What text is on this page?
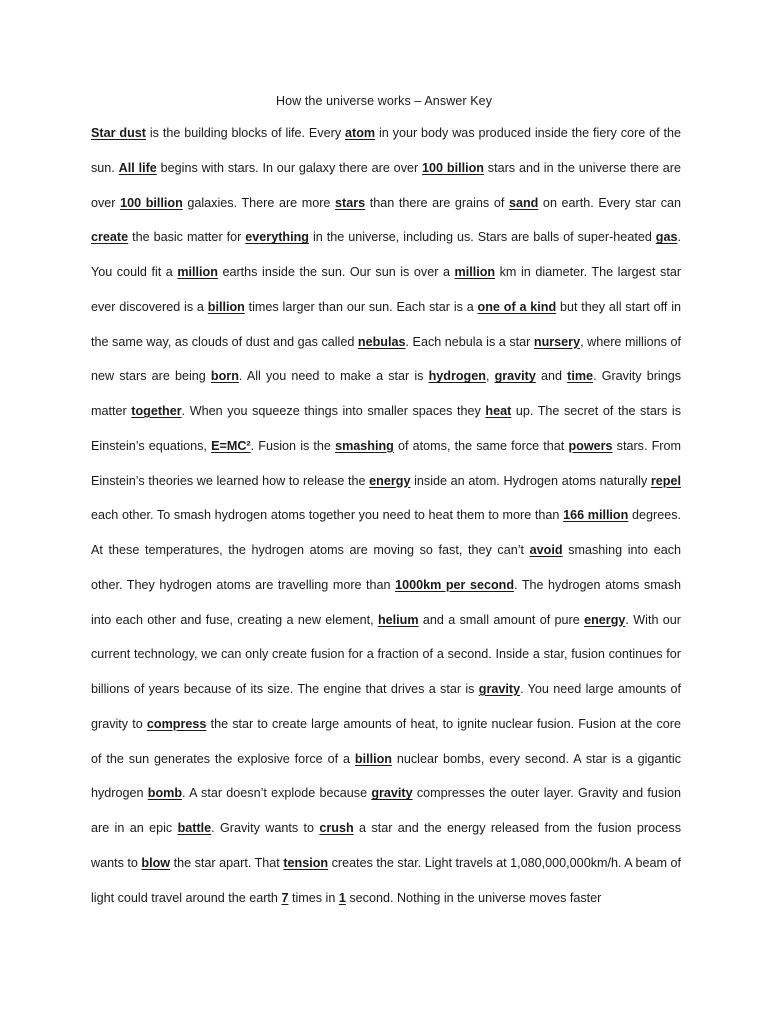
How the universe works – Answer Key

Star dust is the building blocks of life. Every atom in your body was produced inside the fiery core of the sun. All life begins with stars. In our galaxy there are over 100 billion stars and in the universe there are over 100 billion galaxies. There are more stars than there are grains of sand on earth. Every star can create the basic matter for everything in the universe, including us. Stars are balls of super-heated gas. You could fit a million earths inside the sun. Our sun is over a million km in diameter. The largest star ever discovered is a billion times larger than our sun. Each star is a one of a kind but they all start off in the same way, as clouds of dust and gas called nebulas. Each nebula is a star nursery, where millions of new stars are being born. All you need to make a star is hydrogen, gravity and time. Gravity brings matter together. When you squeeze things into smaller spaces they heat up. The secret of the stars is Einstein’s equations, E=MC². Fusion is the smashing of atoms, the same force that powers stars. From Einstein’s theories we learned how to release the energy inside an atom. Hydrogen atoms naturally repel each other. To smash hydrogen atoms together you need to heat them to more than 166 million degrees. At these temperatures, the hydrogen atoms are moving so fast, they can’t avoid smashing into each other. They hydrogen atoms are travelling more than 1000km per second. The hydrogen atoms smash into each other and fuse, creating a new element, helium and a small amount of pure energy. With our current technology, we can only create fusion for a fraction of a second. Inside a star, fusion continues for billions of years because of its size. The engine that drives a star is gravity. You need large amounts of gravity to compress the star to create large amounts of heat, to ignite nuclear fusion. Fusion at the core of the sun generates the explosive force of a billion nuclear bombs, every second. A star is a gigantic hydrogen bomb. A star doesn’t explode because gravity compresses the outer layer. Gravity and fusion are in an epic battle. Gravity wants to crush a star and the energy released from the fusion process wants to blow the star apart. That tension creates the star. Light travels at 1,080,000,000km/h. A beam of light could travel around the earth 7 times in 1 second. Nothing in the universe moves faster
